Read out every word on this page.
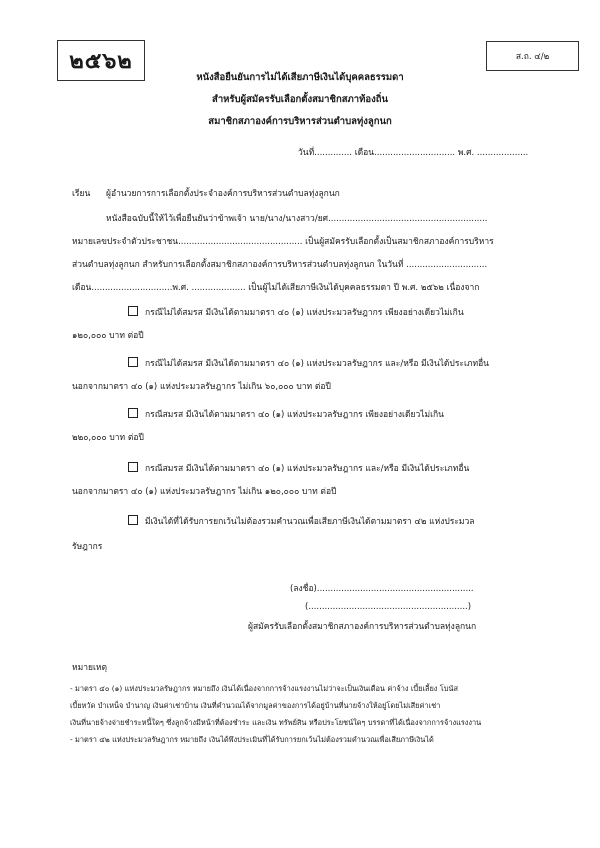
๒๕๖๒	ส.ถ. ๔/๒
หนังสือยืนยันการไม่ได้เสียภาษีเงินได้บุคคลธรรมดา
สำหรับผู้สมัครรับเลือกตั้งสมาชิกสภาท้องถิ่น
สมาชิกสภาองค์การบริหารส่วนตำบลทุ่งลูกนก
วันที่.............. เดือน.............................. พ.ศ. ...................
เรียน ผู้อำนวยการการเลือกตั้งประจำองค์การบริหารส่วนตำบลทุ่งลูกนก
หนังสือฉบับนี้ให้ไว้เพื่อยืนยันว่าข้าพเจ้า นาย/นาง/นางสาว/ยศ...........................................................
หมายเลขประจำตัวประชาชน.............................................. เป็นผู้สมัครรับเลือกตั้งเป็นสมาชิกสภาองค์การบริหาร
ส่วนตำบลทุ่งลูกนก สำหรับการเลือกตั้งสมาชิกสภาองค์การบริหารส่วนตำบลทุ่งลูกนก ในวันที่ ..............................
เดือน..............................พ.ศ. .................... เป็นผู้ไม่ได้เสียภาษีเงินได้บุคคลธรรมดา ปี พ.ศ. ๒๕๖๒ เนื่องจาก
กรณีไม่ได้สมรส มีเงินได้ตามมาตรา ๔๐ (๑) แห่งประมวลรัษฎากร เพียงอย่างเดียวไม่เกิน
๑๒๐,๐๐๐ บาท ต่อปี
กรณีไม่ได้สมรส มีเงินได้ตามมาตรา ๔๐ (๑) แห่งประมวลรัษฎากร และ/หรือ มีเงินได้ประเภทอื่น
นอกจากมาตรา ๔๐ (๑) แห่งประมวลรัษฎากร ไม่เกิน ๖๐,๐๐๐ บาท ต่อปี
กรณีสมรส มีเงินได้ตามมาตรา ๔๐ (๑) แห่งประมวลรัษฎากร เพียงอย่างเดียวไม่เกิน
๒๒๐,๐๐๐ บาท ต่อปี
กรณีสมรส มีเงินได้ตามมาตรา ๔๐ (๑) แห่งประมวลรัษฎากร และ/หรือ มีเงินได้ประเภทอื่น
นอกจากมาตรา ๔๐ (๑) แห่งประมวลรัษฎากร ไม่เกิน ๑๒๐,๐๐๐ บาท ต่อปี
มีเงินได้ที่ได้รับการยกเว้นไม่ต้องรวมคำนวณเพื่อเสียภาษีเงินได้ตามมาตรา ๔๒ แห่งประมวล
รัษฎากร
(ลงชื่อ)..........................................................
(...........................................................)
ผู้สมัครรับเลือกตั้งสมาชิกสภาองค์การบริหารส่วนตำบลทุ่งลูกนก
หมายเหตุ
- มาตรา ๔๐ (๑) แห่งประมวลรัษฎากร หมายถึง เงินได้เนื่องจากการจ้างแรงงานไม่ว่าจะเป็นเงินเดือน ค่าจ้าง เบี้ยเลี้ยง โบนัส
เบี้ยหวัด บำเหน็จ บำนาญ เงินค่าเช่าบ้าน เงินที่คำนวณได้จากมูลค่าของการได้อยู่บ้านที่นายจ้างให้อยู่โดยไม่เสียค่าเช่า
เงินที่นายจ้างจ่ายชำระหนี้ใดๆ ซึ่งลูกจ้างมีหน้าที่ต้องชำระ และเงิน ทรัพย์สิน หรือประโยชน์ใดๆ บรรดาที่ได้เนื่องจากการจ้างแรงงาน
- มาตรา ๔๒ แห่งประมวลรัษฎากร หมายถึง เงินได้พึงประเมินที่ได้รับการยกเว้นไม่ต้องรวมคำนวณเพื่อเสียภาษีเงินได้
